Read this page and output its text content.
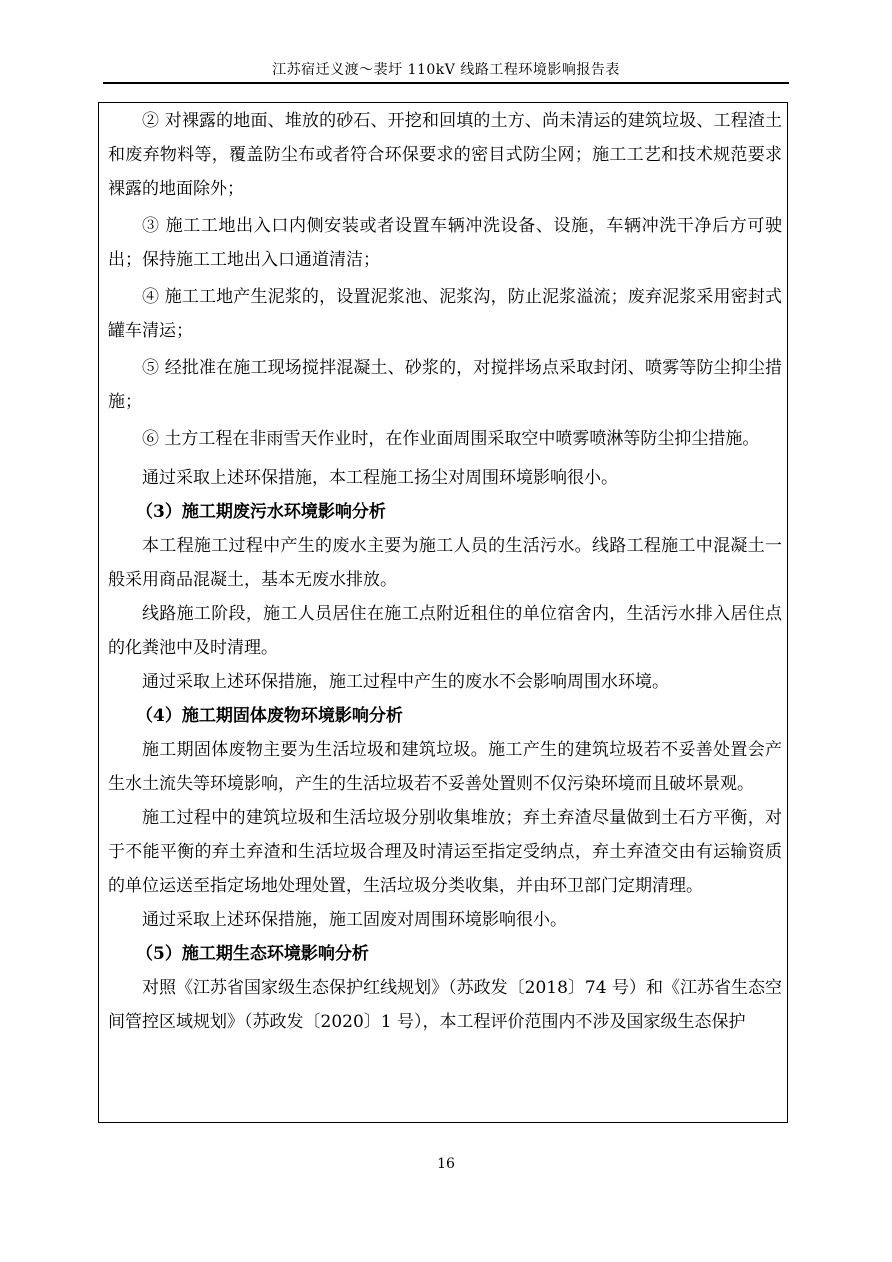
江苏宿迁义渡～裴圩 110kV 线路工程环境影响报告表

② 对裸露的地面、堆放的砂石、开挖和回填的土方、尚未清运的建筑垃圾、工程渣土和废弃物料等，覆盖防尘布或者符合环保要求的密目式防尘网；施工工艺和技术规范要求裸露的地面除外；

③ 施工工地出入口内侧安装或者设置车辆冲洗设备、设施，车辆冲洗干净后方可驶出；保持施工工地出入口通道清洁；

④ 施工工地产生泥浆的，设置泥浆池、泥浆沟，防止泥浆溢流；废弃泥浆采用密封式罐车清运；

⑤ 经批准在施工现场搅拌混凝土、砂浆的，对搅拌场点采取封闭、喷雾等防尘抑尘措施；

⑥ 土方工程在非雨雪天作业时，在作业面周围采取空中喷雾喷淋等防尘抑尘措施。

通过采取上述环保措施，本工程施工扬尘对周围环境影响很小。

（3）施工期废污水环境影响分析

本工程施工过程中产生的废水主要为施工人员的生活污水。线路工程施工中混凝土一般采用商品混凝土，基本无废水排放。

线路施工阶段，施工人员居住在施工点附近租住的单位宿舍内，生活污水排入居住点的化粪池中及时清理。

通过采取上述环保措施，施工过程中产生的废水不会影响周围水环境。

（4）施工期固体废物环境影响分析

施工期固体废物主要为生活垃圾和建筑垃圾。施工产生的建筑垃圾若不妥善处置会产生水土流失等环境影响，产生的生活垃圾若不妥善处置则不仅污染环境而且破坏景观。

施工过程中的建筑垃圾和生活垃圾分别收集堆放；弃土弃渣尽量做到土石方平衡，对于不能平衡的弃土弃渣和生活垃圾合理及时清运至指定受纳点，弃土弃渣交由有运输资质的单位运送至指定场地处理处置，生活垃圾分类收集，并由环卫部门定期清理。

通过采取上述环保措施，施工固废对周围环境影响很小。

（5）施工期生态环境影响分析

对照《江苏省国家级生态保护红线规划》（苏政发〔2018〕74 号）和《江苏省生态空间管控区域规划》（苏政发〔2020〕1 号），本工程评价范围内不涉及国家级生态保护

16
